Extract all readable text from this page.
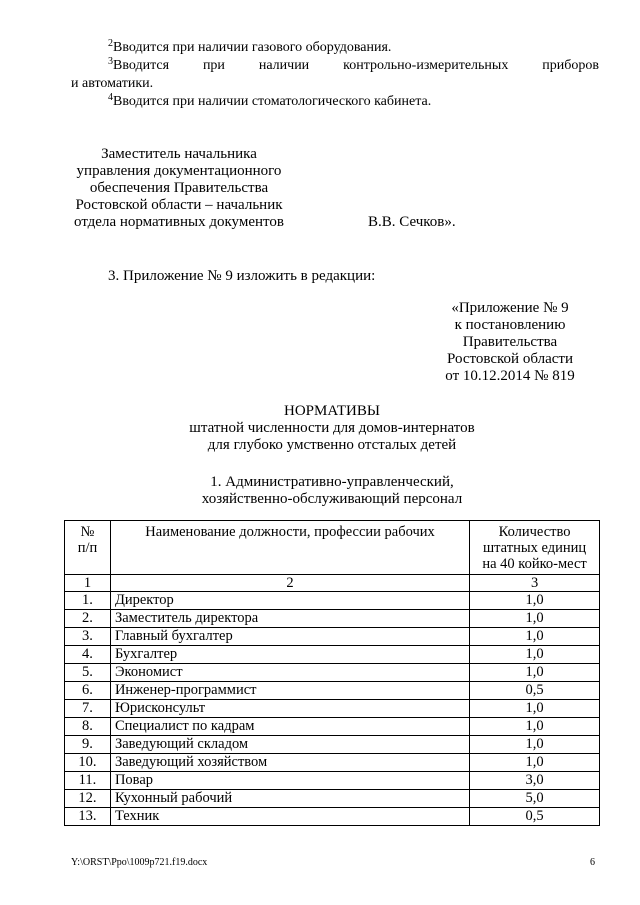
$^2$Вводится при наличии газового оборудования.
$^3$Вводится при наличии контрольно-измерительных приборов
и автоматики.
$^4$Вводится при наличии стоматологического кабинета.
Заместитель начальника
управления документационного
обеспечения Правительства
Ростовской области – начальник
отдела нормативных документов	В.В. Сечков».
3. Приложение № 9 изложить в редакции:
«Приложение № 9
к постановлению
Правительства
Ростовской области
от 10.12.2014 № 819
НОРМАТИВЫ
штатной численности для домов-интернатов
для глубоко умственно отсталых детей
1. Административно-управленческий,
хозяйственно-обслуживающий персонал
№ п/п	Наименование должности, профессии рабочих	Количество штатных единиц на 40 койко-мест
1	2	3
1.	Директор	1,0
2.	Заместитель директора	1,0
3.	Главный бухгалтер	1,0
4.	Бухгалтер	1,0
5.	Экономист	1,0
6.	Инженер-программист	0,5
7.	Юрисконсульт	1,0
8.	Специалист по кадрам	1,0
9.	Заведующий складом	1,0
10.	Заведующий хозяйством	1,0
11.	Повар	3,0
12.	Кухонный рабочий	5,0
13.	Техник	0,5
Y:\ORST\Ppo\1009p721.f19.docx	6
